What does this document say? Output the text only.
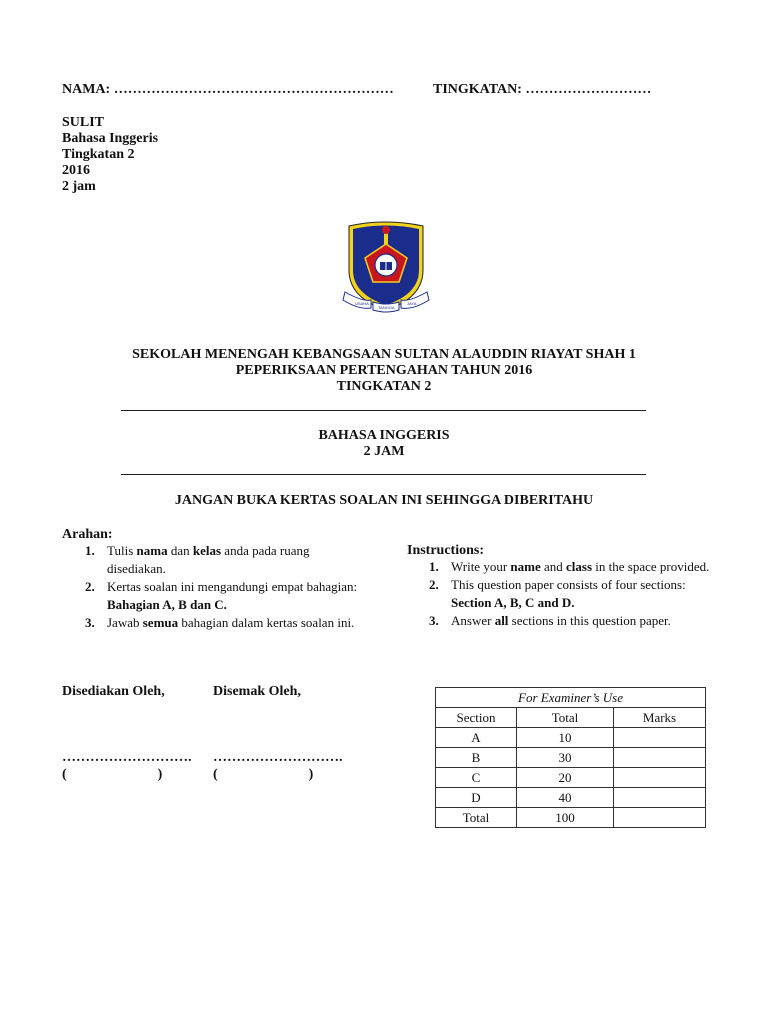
NAMA: ……………………………………………………	TINGKATAN: ………………………
SULIT
Bahasa Inggeris
Tingkatan 2
2016
2 jam
USAHA
TANGGA
JAYA
SEKOLAH MENENGAH KEBANGSAAN SULTAN ALAUDDIN RIAYAT SHAH 1
PEPERIKSAAN PERTENGAHAN TAHUN 2016
TINGKATAN 2
BAHASA INGGERIS
2 JAM
JANGAN BUKA KERTAS SOALAN INI SEHINGGA DIBERITAHU
Arahan:
1. Tulis nama dan kelas anda pada ruang disediakan.
2. Kertas soalan ini mengandungi empat bahagian: Bahagian A, B dan C.
3. Jawab semua bahagian dalam kertas soalan ini.
Instructions:
1. Write your name and class in the space provided.
2. This question paper consists of four sections: Section A, B, C and D.
3. Answer all sections in this question paper.
Disediakan Oleh,	Disemak Oleh,
………………………. ……………………….
(                          )	(                          )
For Examiner’s Use		
Section	Total	Marks
A	10	
B	30	
C	20	
D	40	
Total	100	
